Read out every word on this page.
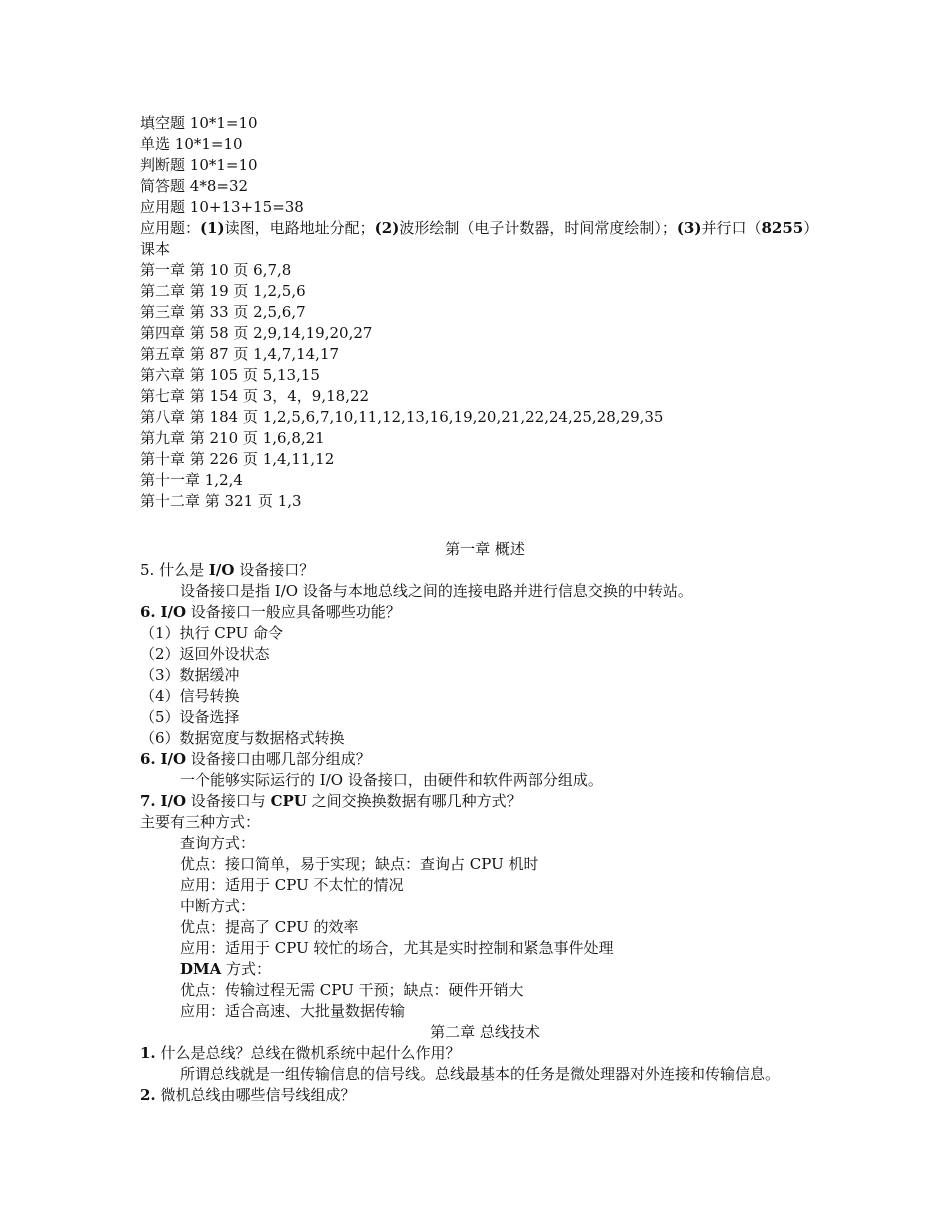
填空题 10*1=10
单选 10*1=10
判断题 10*1=10
简答题 4*8=32
应用题 10+13+15=38
应用题：(1)读图，电路地址分配；(2)波形绘制（电子计数器，时间常度绘制）；(3)并行口（8255）
课本
第一章 第 10 页 6,7,8
第二章 第 19 页 1,2,5,6
第三章 第 33 页 2,5,6,7
第四章 第 58 页 2,9,14,19,20,27
第五章 第 87 页 1,4,7,14,17
第六章 第 105 页 5,13,15
第七章 第 154 页 3，4，9,18,22
第八章 第 184 页 1,2,5,6,7,10,11,12,13,16,19,20,21,22,24,25,28,29,35
第九章 第 210 页 1,6,8,21
第十章 第 226 页 1,4,11,12
第十一章 1,2,4
第十二章 第 321 页 1,3
第一章 概述
5. 什么是 I/O 设备接口？
设备接口是指 I/O 设备与本地总线之间的连接电路并进行信息交换的中转站。
6. I/O 设备接口一般应具备哪些功能？
（1）执行 CPU 命令
（2）返回外设状态
（3）数据缓冲
（4）信号转换
（5）设备选择
（6）数据宽度与数据格式转换
6. I/O 设备接口由哪几部分组成？
一个能够实际运行的 I/O 设备接口，由硬件和软件两部分组成。
7. I/O 设备接口与 CPU 之间交换换数据有哪几种方式？
主要有三种方式：
查询方式：
优点：接口简单，易于实现；缺点：查询占 CPU 机时
应用：适用于 CPU 不太忙的情况
中断方式：
优点：提高了 CPU 的效率
应用：适用于 CPU 较忙的场合，尤其是实时控制和紧急事件处理
DMA 方式：
优点：传输过程无需 CPU 干预；缺点：硬件开销大
应用：适合高速、大批量数据传输
第二章 总线技术
1. 什么是总线？总线在微机系统中起什么作用？
所谓总线就是一组传输信息的信号线。总线最基本的任务是微处理器对外连接和传输信息。
2. 微机总线由哪些信号线组成？
